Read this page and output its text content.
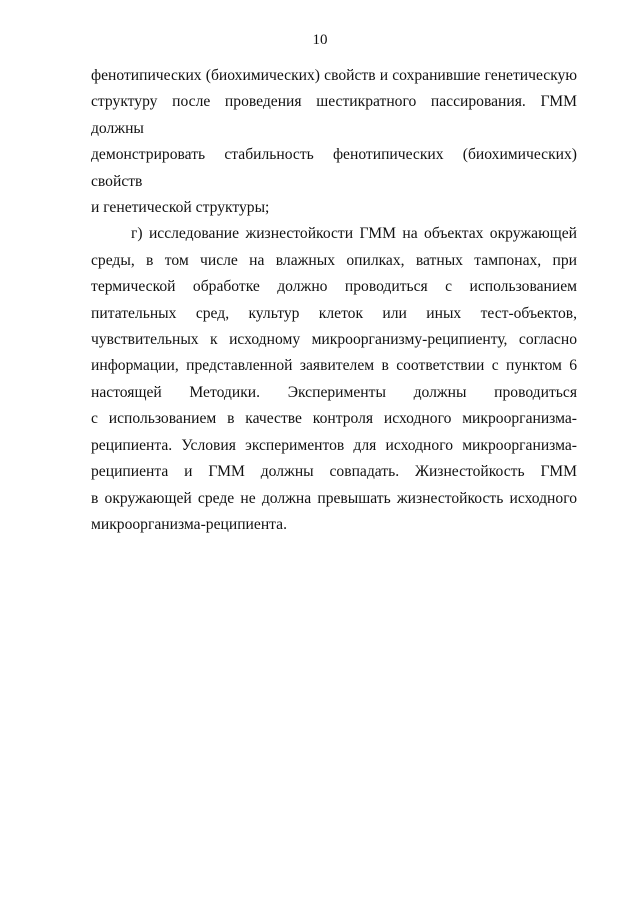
10

фенотипических (биохимических) свойств и сохранившие генетическую
структуру после проведения шестикратного пассирования. ГММ должны
демонстрировать стабильность фенотипических (биохимических) свойств
и генетической структуры;

г) исследование жизнестойкости ГММ на объектах окружающей
среды, в том числе на влажных опилках, ватных тампонах, при
термической обработке должно проводиться с использованием
питательных сред, культур клеток или иных тест-объектов,
чувствительных к исходному микроорганизму-реципиенту, согласно
информации, представленной заявителем в соответствии с пунктом 6
настоящей Методики. Эксперименты должны проводиться
с использованием в качестве контроля исходного микроорганизма-
реципиента. Условия экспериментов для исходного микроорганизма-
реципиента и ГММ должны совпадать. Жизнестойкость ГММ
в окружающей среде не должна превышать жизнестойкость исходного
микроорганизма-реципиента.
